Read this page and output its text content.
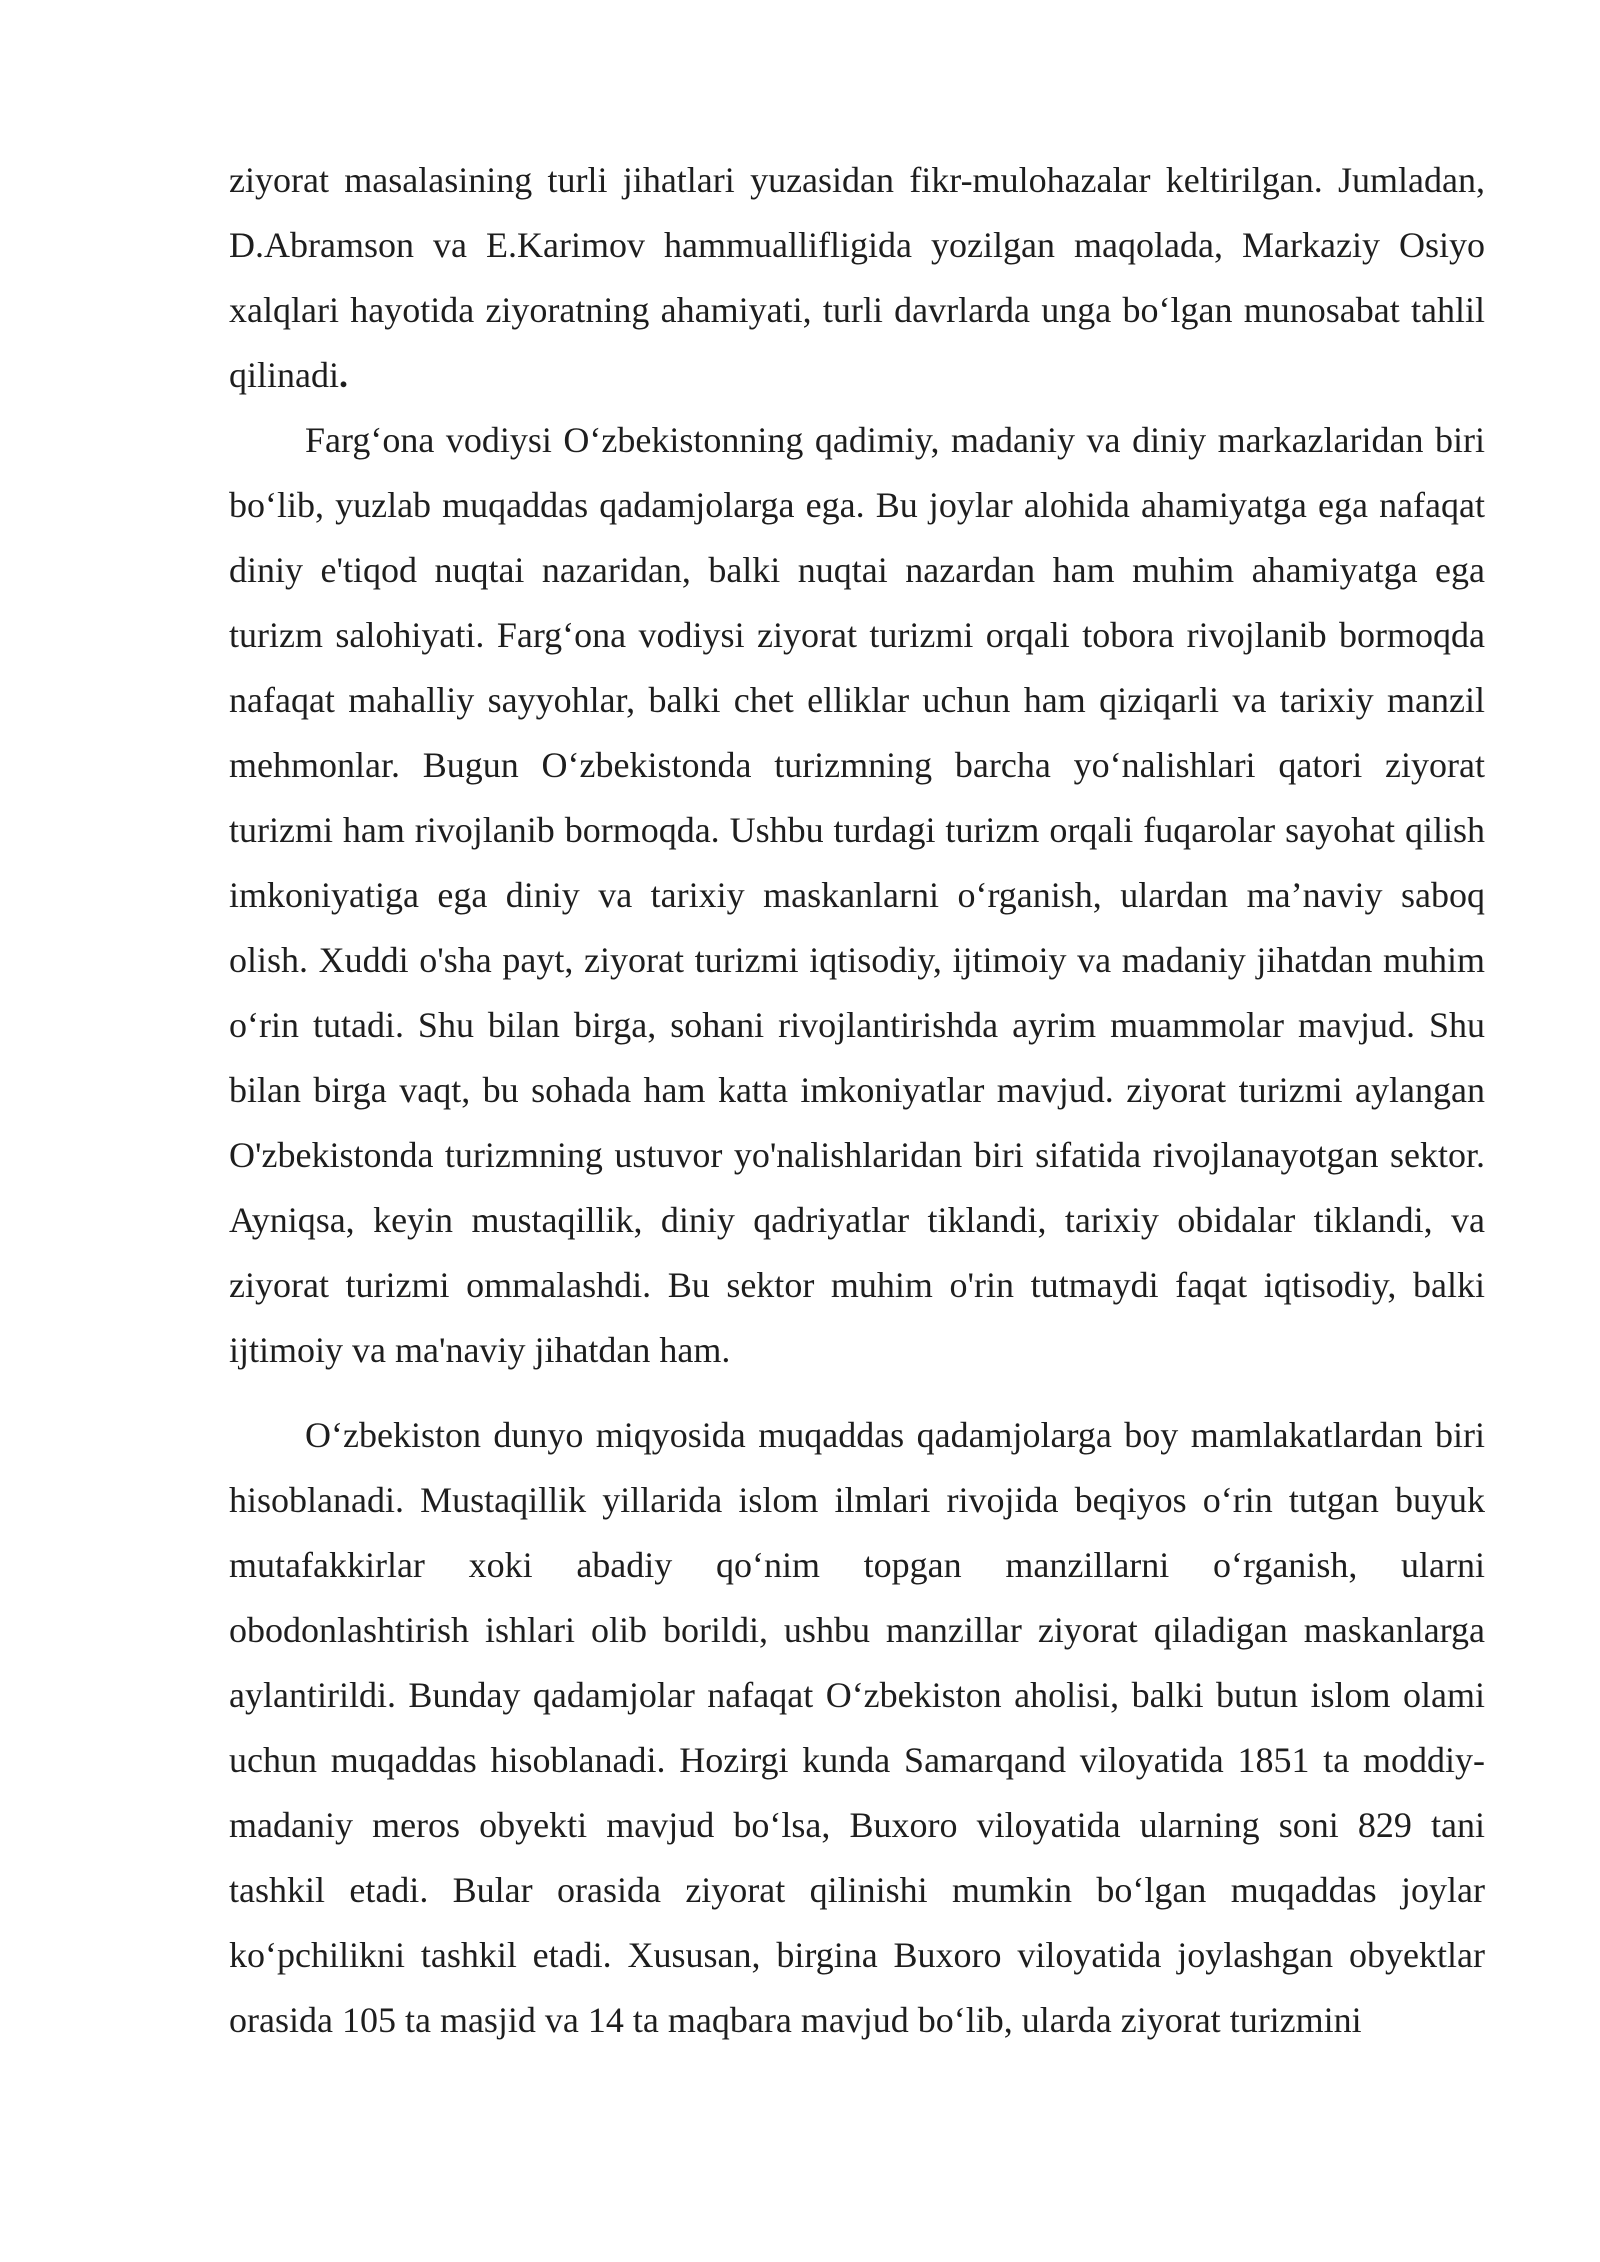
ziyorat masalasining turli jihatlari yuzasidan fikr-mulohazalar keltirilgan. Jumladan, D.Abramson va E.Karimov hammuallifligida yozilgan maqolada, Markaziy Osiyo xalqlari hayotida ziyoratning ahamiyati, turli davrlarda unga bo‘lgan munosabat tahlil qilinadi.

Farg‘ona vodiysi O‘zbekistonning qadimiy, madaniy va diniy markazlaridan biri bo‘lib, yuzlab muqaddas qadamjolarga ega. Bu joylar alohida ahamiyatga ega nafaqat diniy e'tiqod nuqtai nazaridan, balki nuqtai nazardan ham muhim ahamiyatga ega turizm salohiyati. Farg‘ona vodiysi ziyorat turizmi orqali tobora rivojlanib bormoqda nafaqat mahalliy sayyohlar, balki chet elliklar uchun ham qiziqarli va tarixiy manzil mehmonlar. Bugun O‘zbekistonda turizmning barcha yo‘nalishlari qatori ziyorat turizmi ham rivojlanib bormoqda. Ushbu turdagi turizm orqali fuqarolar sayohat qilish imkoniyatiga ega diniy va tarixiy maskanlarni o‘rganish, ulardan ma’naviy saboq olish. Xuddi o'sha payt, ziyorat turizmi iqtisodiy, ijtimoiy va madaniy jihatdan muhim o‘rin tutadi. Shu bilan birga, sohani rivojlantirishda ayrim muammolar mavjud. Shu bilan birga vaqt, bu sohada ham katta imkoniyatlar mavjud. ziyorat turizmi aylangan O'zbekistonda turizmning ustuvor yo'nalishlaridan biri sifatida rivojlanayotgan sektor. Ayniqsa, keyin mustaqillik, diniy qadriyatlar tiklandi, tarixiy obidalar tiklandi, va ziyorat turizmi ommalashdi. Bu sektor muhim o'rin tutmaydi faqat iqtisodiy, balki ijtimoiy va ma'naviy jihatdan ham.

O‘zbekiston dunyo miqyosida muqaddas qadamjolarga boy mamlakatlardan biri hisoblanadi. Mustaqillik yillarida islom ilmlari rivojida beqiyos o‘rin tutgan buyuk mutafakkirlar xoki abadiy qo‘nim topgan manzillarni o‘rganish, ularni obodonlashtirish ishlari olib borildi, ushbu manzillar ziyorat qiladigan maskanlarga aylantirildi. Bunday qadamjolar nafaqat O‘zbekiston aholisi, balki butun islom olami uchun muqaddas hisoblanadi. Hozirgi kunda Samarqand viloyatida 1851 ta moddiy-madaniy meros obyekti mavjud bo‘lsa, Buxoro viloyatida ularning soni 829 tani tashkil etadi. Bular orasida ziyorat qilinishi mumkin bo‘lgan muqaddas joylar ko‘pchilikni tashkil etadi. Xususan, birgina Buxoro viloyatida joylashgan obyektlar orasida 105 ta masjid va 14 ta maqbara mavjud bo‘lib, ularda ziyorat turizmini
